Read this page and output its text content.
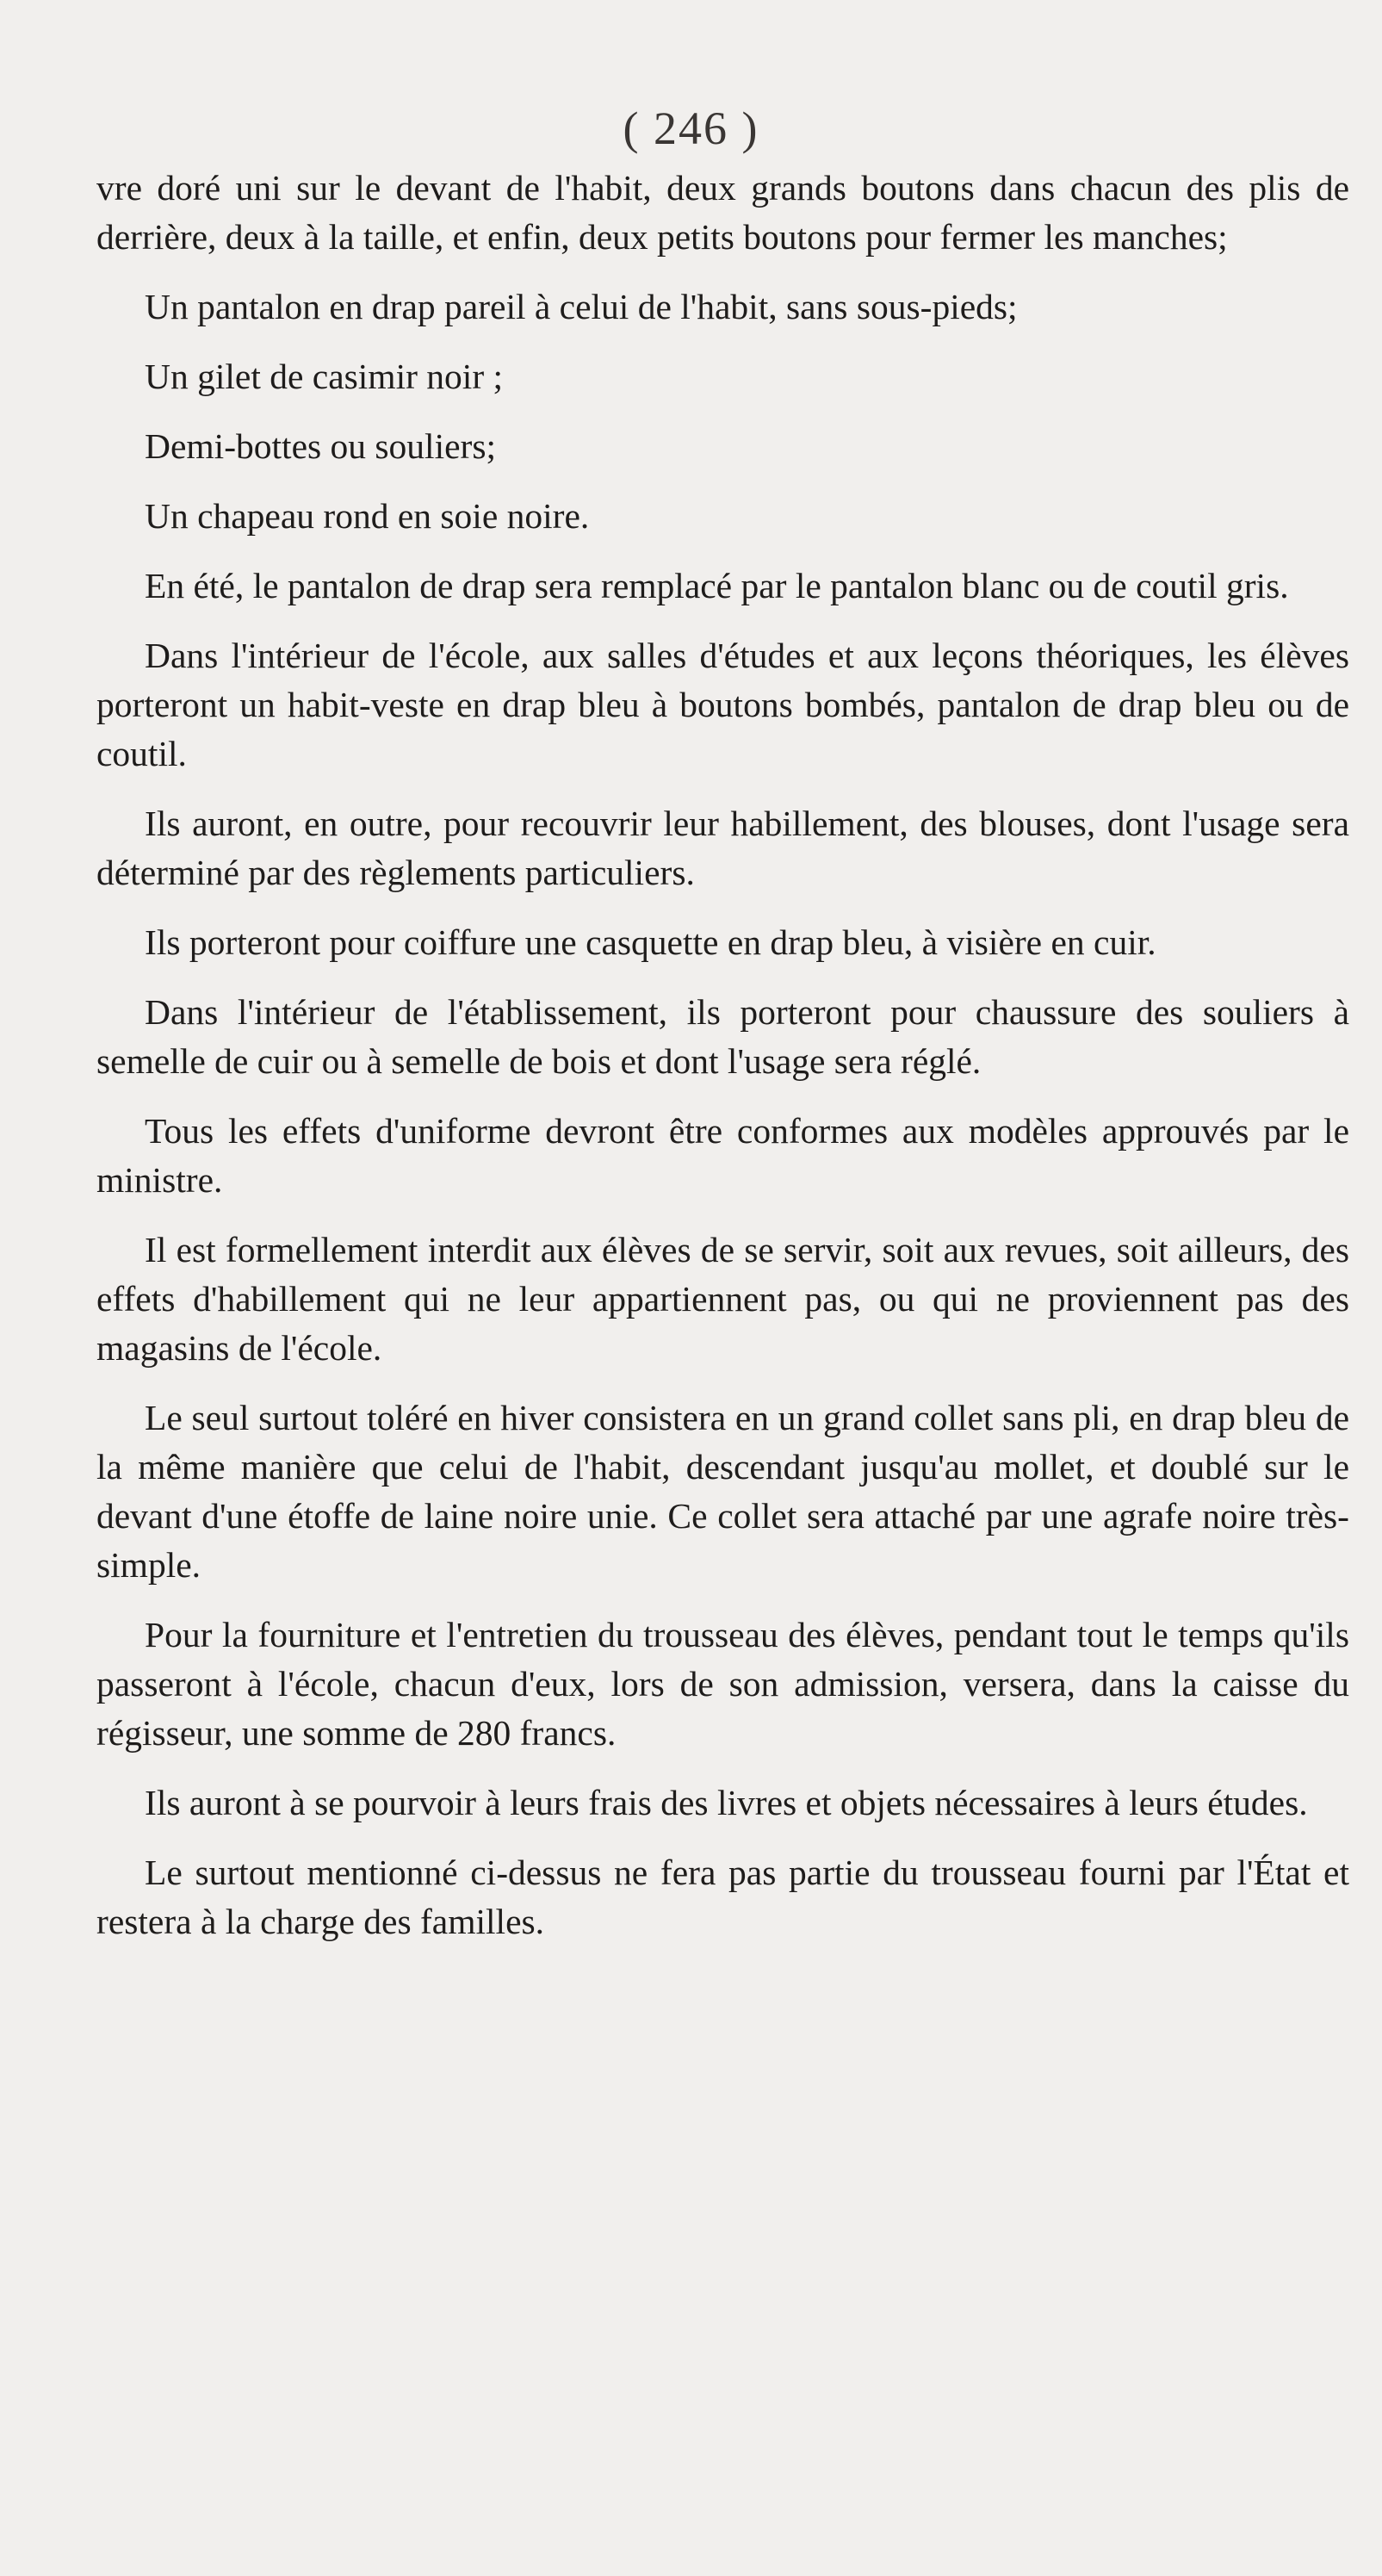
( 246 )

vre doré uni sur le devant de l'habit, deux grands boutons dans chacun des plis de derrière, deux à la taille, et enfin, deux petits boutons pour fermer les manches;

Un pantalon en drap pareil à celui de l'habit, sans sous-pieds;

Un gilet de casimir noir ;

Demi-bottes ou souliers;

Un chapeau rond en soie noire.

En été, le pantalon de drap sera remplacé par le pantalon blanc ou de coutil gris.

Dans l'intérieur de l'école, aux salles d'études et aux leçons théoriques, les élèves porteront un habit-veste en drap bleu à boutons bombés, pantalon de drap bleu ou de coutil.

Ils auront, en outre, pour recouvrir leur habillement, des blouses, dont l'usage sera déterminé par des règlements particuliers.

Ils porteront pour coiffure une casquette en drap bleu, à visière en cuir.

Dans l'intérieur de l'établissement, ils porteront pour chaussure des souliers à semelle de cuir ou à semelle de bois et dont l'usage sera réglé.

Tous les effets d'uniforme devront être conformes aux modèles approuvés par le ministre.

Il est formellement interdit aux élèves de se servir, soit aux revues, soit ailleurs, des effets d'habillement qui ne leur appartiennent pas, ou qui ne proviennent pas des magasins de l'école.

Le seul surtout toléré en hiver consistera en un grand collet sans pli, en drap bleu de la même manière que celui de l'habit, descendant jusqu'au mollet, et doublé sur le devant d'une étoffe de laine noire unie. Ce collet sera attaché par une agrafe noire très-simple.

Pour la fourniture et l'entretien du trousseau des élèves, pendant tout le temps qu'ils passeront à l'école, chacun d'eux, lors de son admission, versera, dans la caisse du régisseur, une somme de 280 francs.

Ils auront à se pourvoir à leurs frais des livres et objets nécessaires à leurs études.

Le surtout mentionné ci-dessus ne fera pas partie du trousseau fourni par l'État et restera à la charge des familles.
